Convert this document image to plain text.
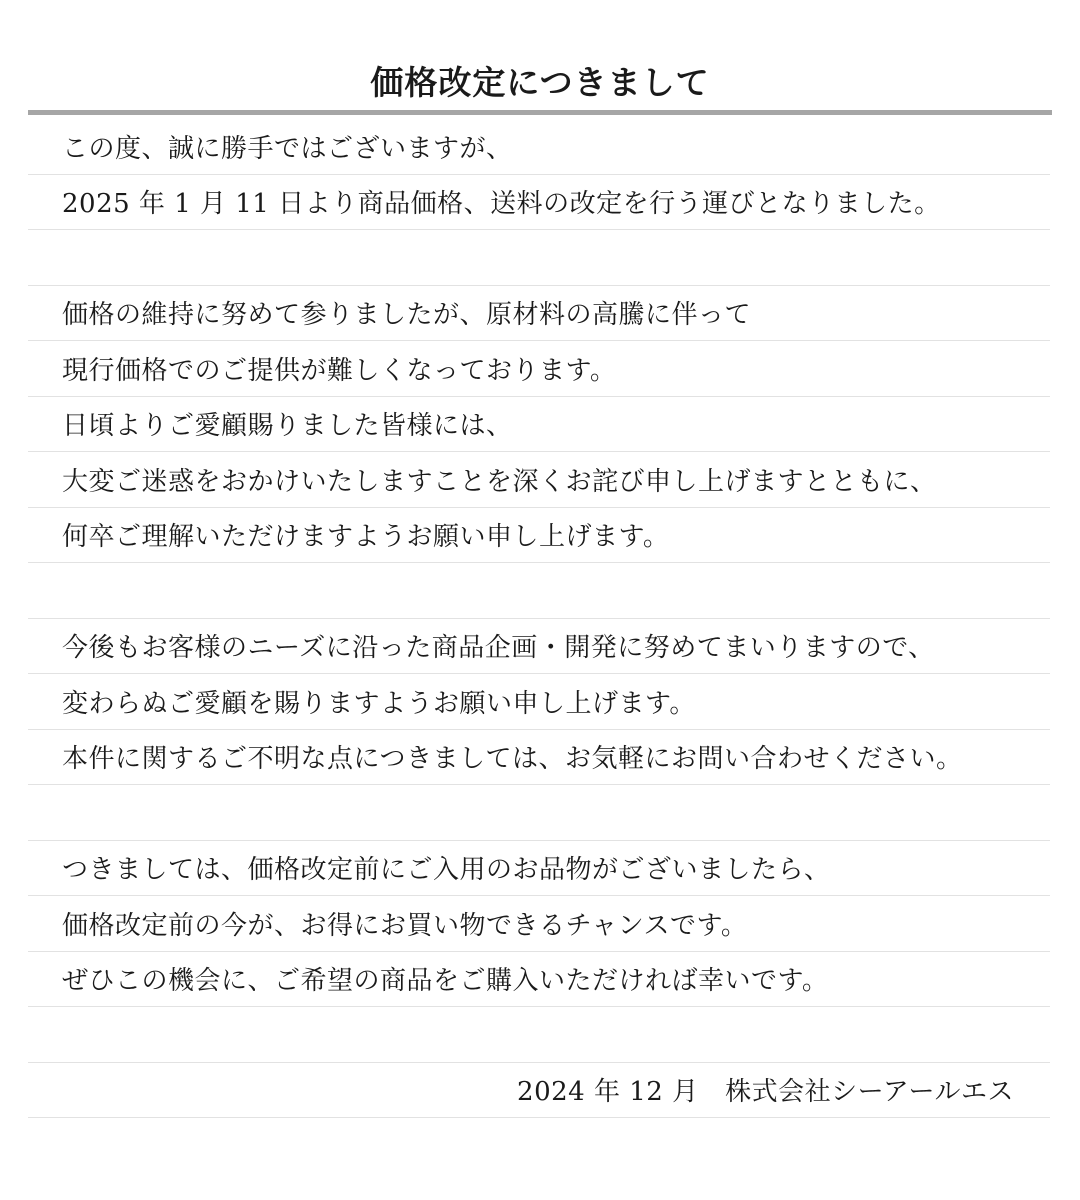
価格改定につきまして
この度、誠に勝手ではございますが、
2025 年 1 月 11 日より商品価格、送料の改定を行う運びとなりました。
価格の維持に努めて参りましたが、原材料の高騰に伴って
現行価格でのご提供が難しくなっております。
日頃よりご愛顧賜りました皆様には、
大変ご迷惑をおかけいたしますことを深くお詫び申し上げますとともに、
何卒ご理解いただけますようお願い申し上げます。
今後もお客様のニーズに沿った商品企画・開発に努めてまいりますので、
変わらぬご愛顧を賜りますようお願い申し上げます。
本件に関するご不明な点につきましては、お気軽にお問い合わせください。
つきましては、価格改定前にご入用のお品物がございましたら、
価格改定前の今が、お得にお買い物できるチャンスです。
ぜひこの機会に、ご希望の商品をご購入いただければ幸いです。
2024 年 12 月　株式会社シーアールエス
